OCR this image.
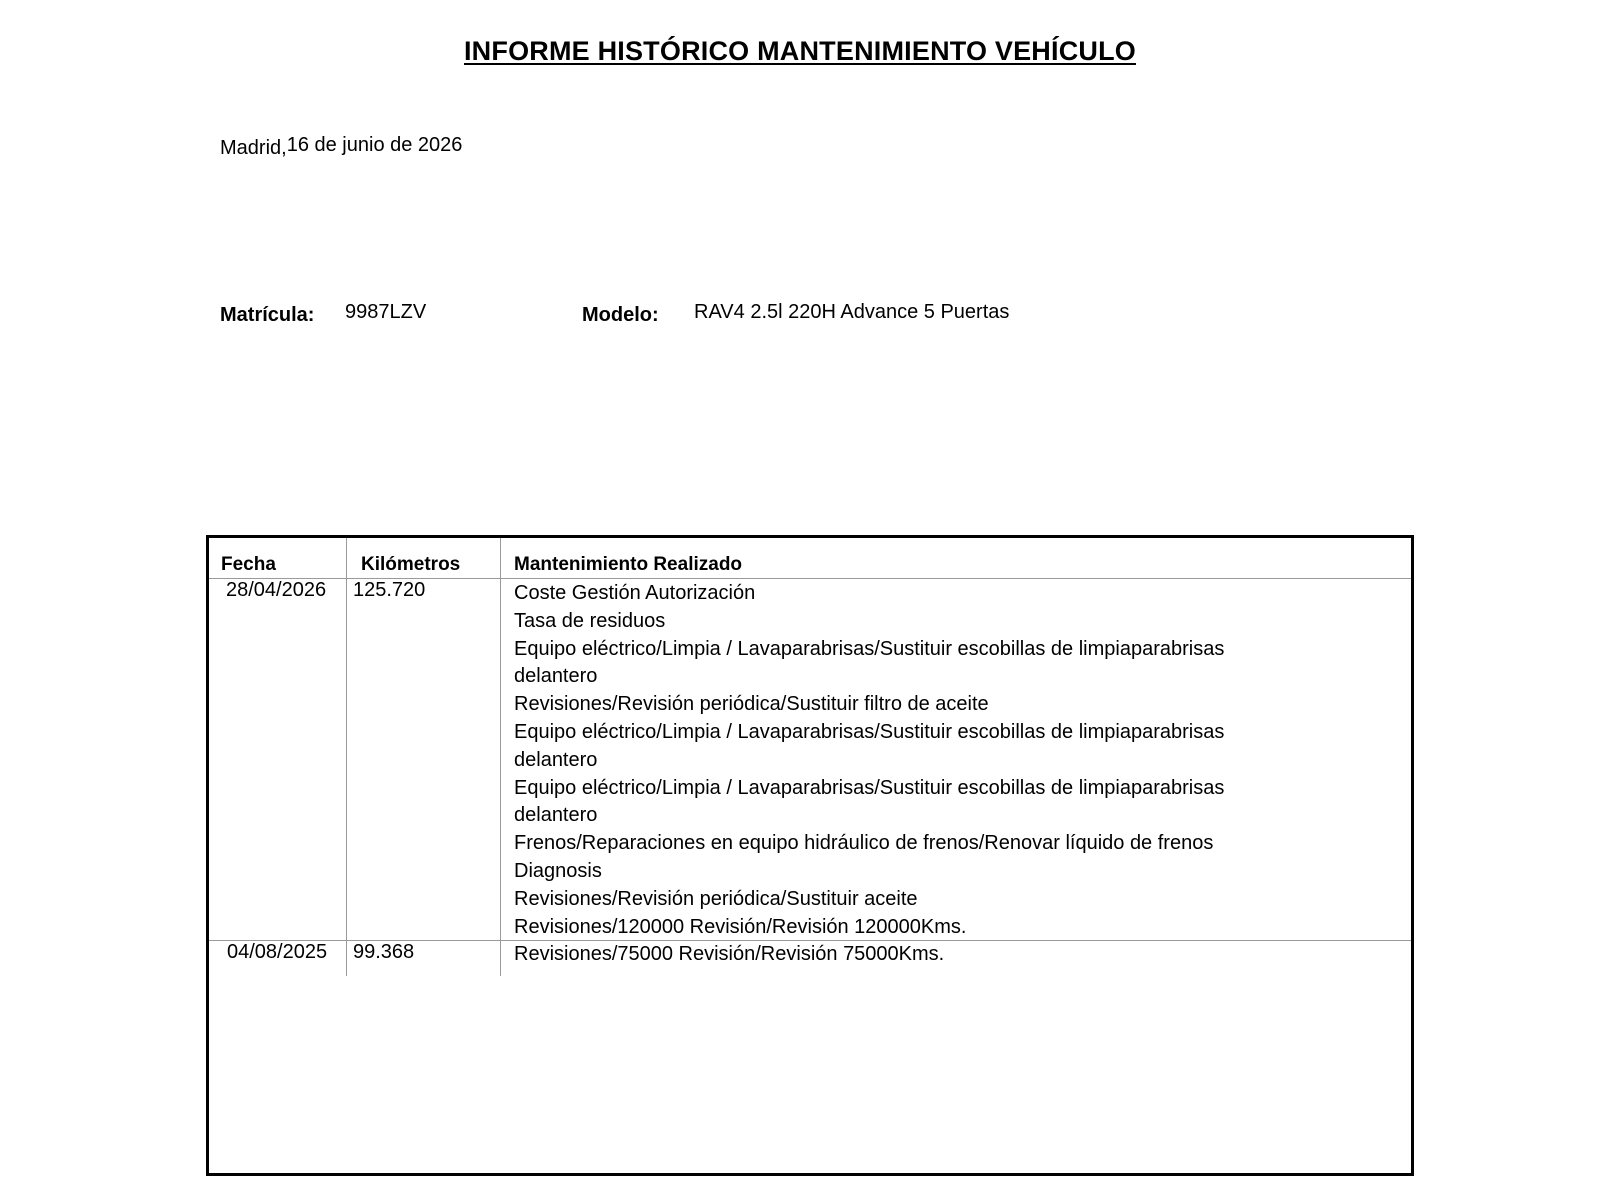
INFORME HISTÓRICO MANTENIMIENTO VEHÍCULO
Madrid,16 de junio de 2026
Matrícula: 9987LZV	Modelo: RAV4 2.5l 220H Advance 5 Puertas
Fecha	Kilómetros	Mantenimiento Realizado
28/04/2026 125.720	Coste Gestión Autorización
Tasa de residuos
Equipo eléctrico/Limpia / Lavaparabrisas/Sustituir escobillas de limpiaparabrisas delantero
Revisiones/Revisión periódica/Sustituir filtro de aceite
Equipo eléctrico/Limpia / Lavaparabrisas/Sustituir escobillas de limpiaparabrisas delantero
Equipo eléctrico/Limpia / Lavaparabrisas/Sustituir escobillas de limpiaparabrisas delantero
Frenos/Reparaciones en equipo hidráulico de frenos/Renovar líquido de frenos
Diagnosis
Revisiones/Revisión periódica/Sustituir aceite
Revisiones/120000 Revisión/Revisión 120000Kms.
04/08/2025 99.368	Revisiones/75000 Revisión/Revisión 75000Kms.
